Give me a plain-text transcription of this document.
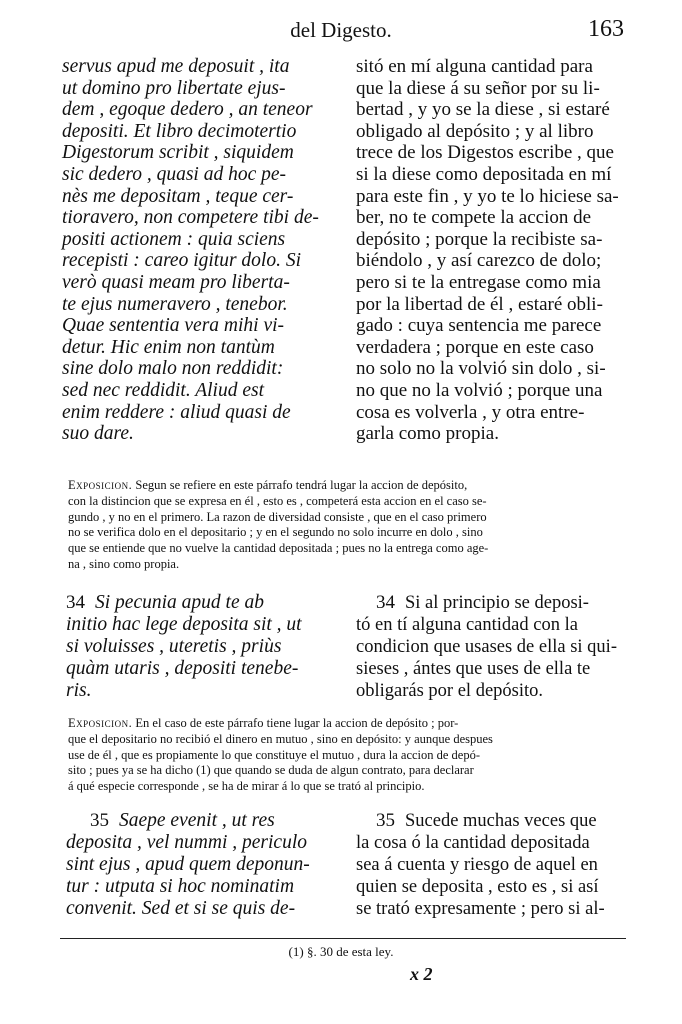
del Digesto.	163
servus apud me deposuit , ita
ut domino pro libertate ejus-
dem , egoque dedero , an teneor
depositi. Et libro decimotertio
Digestorum scribit , siquidem
sic dedero , quasi ad hoc pe-
nès me depositam , teque cer-
tioravero, non competere tibi de-
positi actionem : quia sciens
recepisti : careo igitur dolo. Si
verò quasi meam pro liberta-
te ejus numeravero , tenebor.
Quae sententia vera mihi vi-
detur. Hic enim non tantùm
sine dolo malo non reddidit:
sed nec reddidit. Aliud est
enim reddere : aliud quasi de
suo dare.
sitó en mí alguna cantidad para
que la diese á su señor por su li-
bertad , y yo se la diese , si estaré
obligado al depósito ; y al libro
trece de los Digestos escribe , que
si la diese como depositada en mí
para este fin , y yo te lo hiciese sa-
ber, no te compete la accion de
depósito ; porque la recibiste sa-
biéndolo , y así carezco de dolo;
pero si te la entregase como mia
por la libertad de él , estaré obli-
gado : cuya sentencia me parece
verdadera ; porque en este caso
no solo no la volvió sin dolo , si-
no que no la volvió ; porque una
cosa es volverla , y otra entre-
garla como propia.
Exposicion. Segun se refiere en este párrafo tendrá lugar la accion de depósito,
con la distincion que se expresa en él , esto es , competerá esta accion en el caso se-
gundo , y no en el primero. La razon de diversidad consiste , que en el caso primero
no se verifica dolo en el depositario ; y en el segundo no solo incurre en dolo , sino
que se entiende que no vuelve la cantidad depositada ; pues no la entrega como age-
na , sino como propia.
34 Si pecunia apud te ab
initio hac lege deposita sit , ut
si voluisses , uteretis , priùs
quàm utaris , depositi tenebe-
ris.
34 Si al principio se deposi-
tó en tí alguna cantidad con la
condicion que usases de ella si qui-
sieses , ántes que uses de ella te
obligarás por el depósito.
Exposicion. En el caso de este párrafo tiene lugar la accion de depósito ; por-
que el depositario no recibió el dinero en mutuo , sino en depósito: y aunque despues
use de él , que es propiamente lo que constituye el mutuo , dura la accion de depó-
sito ; pues ya se ha dicho (1) que quando se duda de algun contrato, para declarar
á qué especie corresponde , se ha de mirar á lo que se trató al principio.
35 Saepe evenit , ut res
deposita , vel nummi , periculo
sint ejus , apud quem deponun-
tur : utputa si hoc nominatim
convenit. Sed et si se quis de-
35 Sucede muchas veces que
la cosa ó la cantidad depositada
sea á cuenta y riesgo de aquel en
quien se deposita , esto es , si así
se trató expresamente ; pero si al-
(1) §. 30 de esta ley.
x 2
